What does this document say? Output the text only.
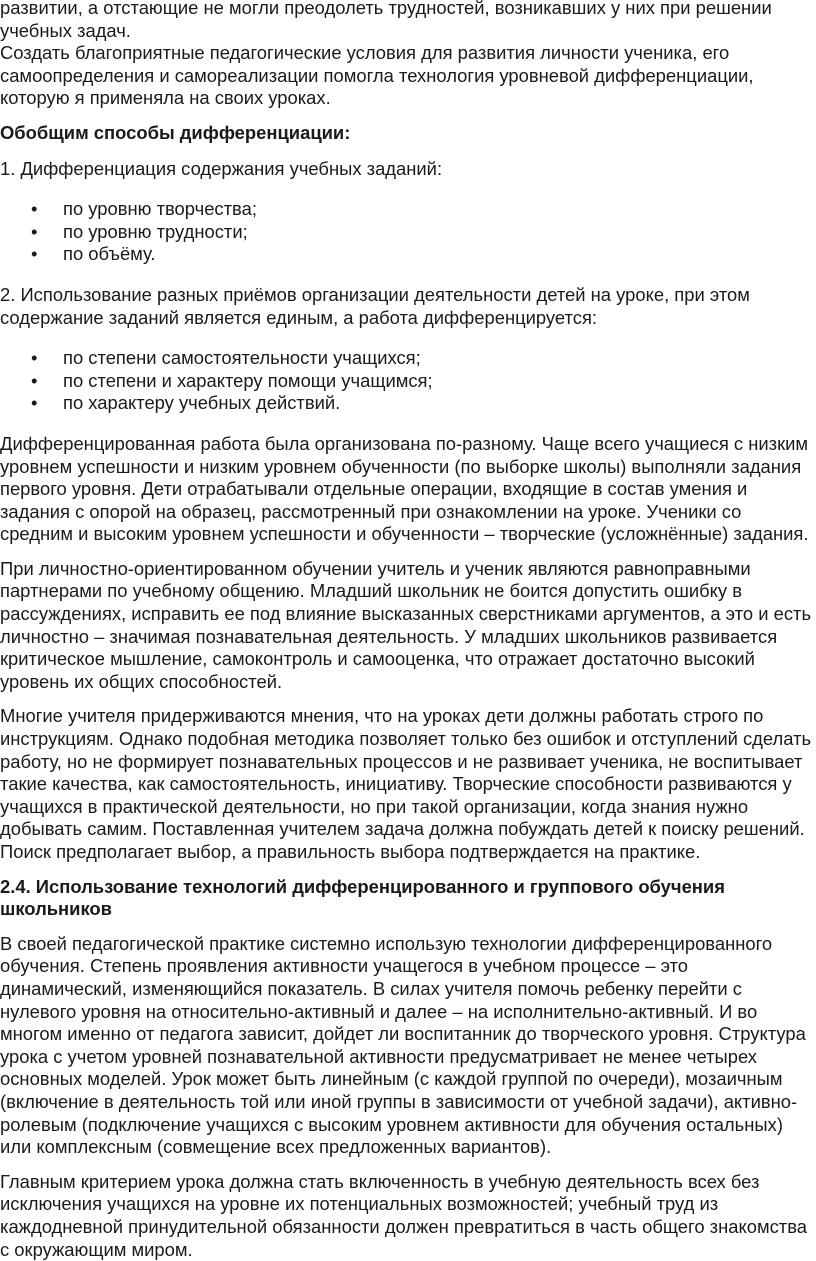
развитии, а отстающие не могли преодолеть трудностей, возникавших у них при решении
учебных задач.

Создать благоприятные педагогические условия для развития личности ученика, его
самоопределения и самореализации помогла технология уровневой дифференциации,
которую я применяла на своих уроках.

Обобщим способы дифференциации:

1. Дифференциация содержания учебных заданий:

• по уровню творчества;
• по уровню трудности;
• по объёму.

2. Использование разных приёмов организации деятельности детей на уроке, при этом
содержание заданий является единым, а работа дифференцируется:

• по степени самостоятельности учащихся;
• по степени и характеру помощи учащимся;
• по характеру учебных действий.

Дифференцированная работа была организована по-разному. Чаще всего учащиеся с низким
уровнем успешности и низким уровнем обученности (по выборке школы) выполняли задания
первого уровня. Дети отрабатывали отдельные операции, входящие в состав умения и
задания с опорой на образец, рассмотренный при ознакомлении на уроке. Ученики со
средним и высоким уровнем успешности и обученности – творческие (усложнённые) задания.

При личностно-ориентированном обучении учитель и ученик являются равноправными
партнерами по учебному общению. Младший школьник не боится допустить ошибку в
рассуждениях, исправить ее под влияние высказанных сверстниками аргументов, а это и есть
личностно – значимая познавательная деятельность. У младших школьников развивается
критическое мышление, самоконтроль и самооценка, что отражает достаточно высокий
уровень их общих способностей.

Многие учителя придерживаются мнения, что на уроках дети должны работать строго по
инструкциям. Однако подобная методика позволяет только без ошибок и отступлений сделать
работу, но не формирует познавательных процессов и не развивает ученика, не воспитывает
такие качества, как самостоятельность, инициативу. Творческие способности развиваются у
учащихся в практической деятельности, но при такой организации, когда знания нужно
добывать самим. Поставленная учителем задача должна побуждать детей к поиску решений.
Поиск предполагает выбор, а правильность выбора подтверждается на практике.

2.4. Использование технологий дифференцированного и группового обучения
школьников

В своей педагогической практике системно использую технологии дифференцированного
обучения. Степень проявления активности учащегося в учебном процессе – это
динамический, изменяющийся показатель. В силах учителя помочь ребенку перейти с
нулевого уровня на относительно-активный и далее – на исполнительно-активный. И во
многом именно от педагога зависит, дойдет ли воспитанник до творческого уровня. Структура
урока с учетом уровней познавательной активности предусматривает не менее четырех
основных моделей. Урок может быть линейным (с каждой группой по очереди), мозаичным
(включение в деятельность той или иной группы в зависимости от учебной задачи), активно-
ролевым (подключение учащихся с высоким уровнем активности для обучения остальных)
или комплексным (совмещение всех предложенных вариантов).

Главным критерием урока должна стать включенность в учебную деятельность всех без
исключения учащихся на уровне их потенциальных возможностей; учебный труд из
каждодневной принудительной обязанности должен превратиться в часть общего знакомства
с окружающим миром.
